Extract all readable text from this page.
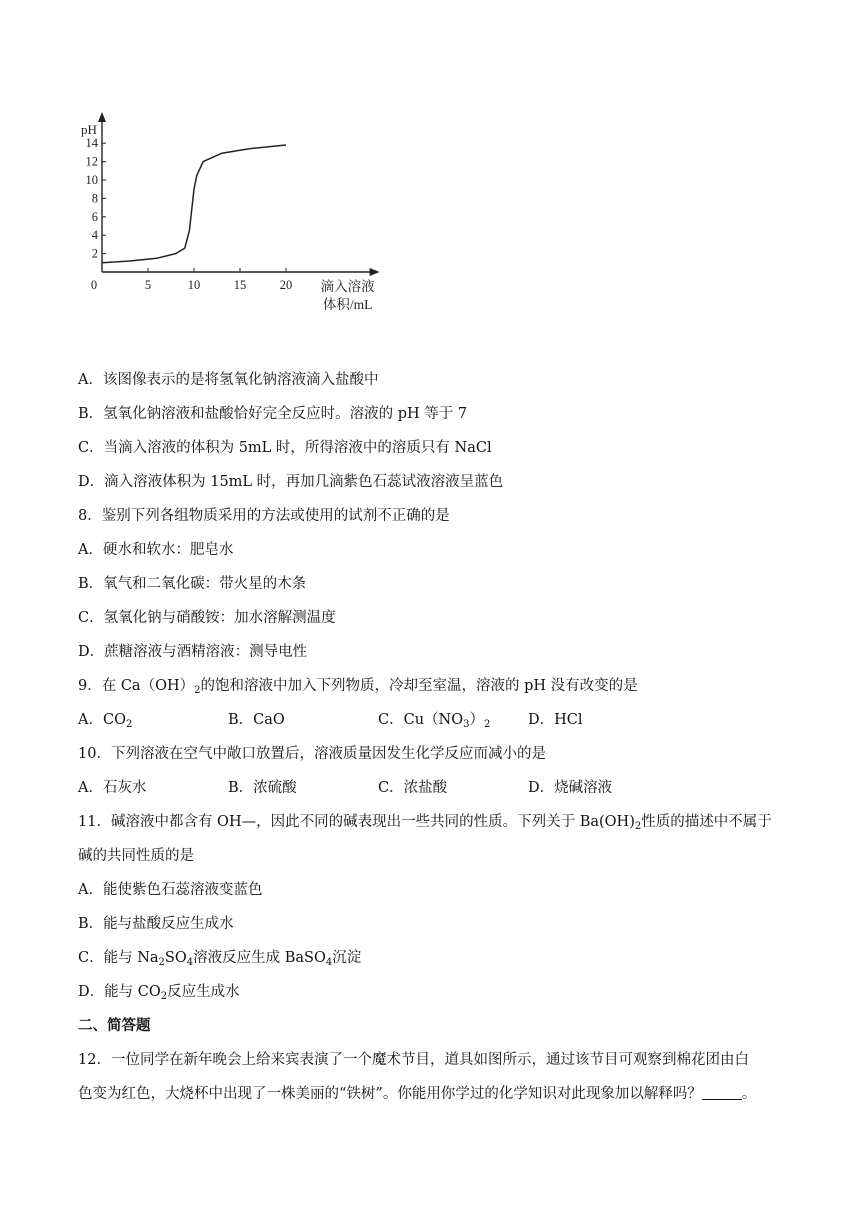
pH
2
4
6
8
10
12
14
0	5	10	15	20 滴入溶液
体积/mL
A．该图像表示的是将氢氧化钠溶液滴入盐酸中
B．氢氧化钠溶液和盐酸恰好完全反应时。溶液的 pH 等于 7
C．当滴入溶液的体积为 5mL 时，所得溶液中的溶质只有 NaCl
D．滴入溶液体积为 15mL 时，再加几滴紫色石蕊试液溶液呈蓝色
8．鉴别下列各组物质采用的方法或使用的试剂不正确的是
A．硬水和软水：肥皂水
B．氧气和二氧化碳：带火星的木条
C．氢氧化钠与硝酸铵：加水溶解测温度
D．蔗糖溶液与酒精溶液：测导电性
9．在 $Ca(OH)_2$的饱和溶液中加入下列物质，冷却至室温，溶液的 pH 没有改变的是
A．$CO_2$	B．CaO	C．$Cu(NO_3)_2$	D．HCl
10．下列溶液在空气中敞口放置后，溶液质量因发生化学反应而减小的是
A．石灰水	B．浓硫酸	C．浓盐酸	D．烧碱溶液
11．碱溶液中都含有 OH—，因此不同的碱表现出一些共同的性质。下列关于 $Ba(OH)_2$性质的描述中不属于
碱的共同性质的是
A．能使紫色石蕊溶液变蓝色
B．能与盐酸反应生成水
C．能与 $Na_2SO_4$溶液反应生成 BaSO$_4$沉淀
D．能与 $CO_2$反应生成水
二、简答题
12．一位同学在新年晚会上给来宾表演了一个魔术节目，道具如图所示，通过该节目可观察到棉花团由白
色变为红色，大烧杯中出现了一株美丽的“铁树”。你能用你学过的化学知识对此现象加以解释吗？	。
